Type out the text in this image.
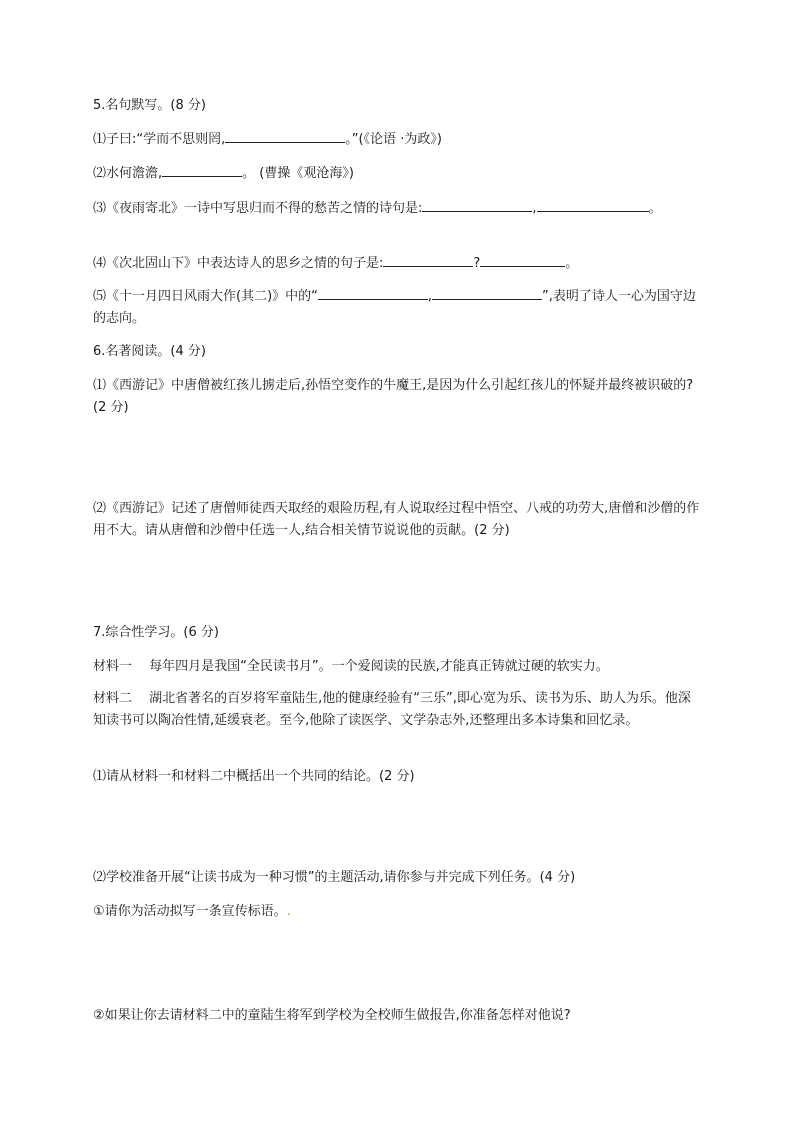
5.名句默写。(8 分)
⑴子曰:“学而不思则罔,	。”(《论语 ·为政》)
⑵水何澹澹,	。 (曹操《观沧海》)
⑶《夜雨寄北》一诗中写思归而不得的愁苦之情的诗句是:	,	。
⑷《次北固山下》中表达诗人的思乡之情的句子是:	?	。
⑸《十一月四日风雨大作(其二)》中的“	,	”,表明了诗人一心为国守边的志向。
6.名著阅读。(4 分)
⑴《西游记》中唐僧被红孩儿掳走后,孙悟空变作的牛魔王,是因为什么引起红孩儿的怀疑并最终被识破的?(2 分)
⑵《西游记》记述了唐僧师徒西天取经的艰险历程,有人说取经过程中悟空、八戒的功劳大,唐僧和沙僧的作用不大。请从唐僧和沙僧中任选一人,结合相关情节说说他的贡献。(2 分)
7.综合性学习。(6 分)
材料一　 每年四月是我国“全民读书月”。一个爱阅读的民族,才能真正铸就过硬的软实力。
材料二　 湖北省著名的百岁将军童陆生,他的健康经验有“三乐”,即心宽为乐、读书为乐、助人为乐。他深知读书可以陶冶性情,延缓衰老。至今,他除了读医学、文学杂志外,还整理出多本诗集和回忆录。
⑴请从材料一和材料二中概括出一个共同的结论。(2 分)
⑵学校准备开展“让读书成为一种习惯”的主题活动,请你参与并完成下列任务。(4 分)
①请你为活动拟写一条宣传标语。.
②如果让你去请材料二中的童陆生将军到学校为全校师生做报告,你准备怎样对他说?
